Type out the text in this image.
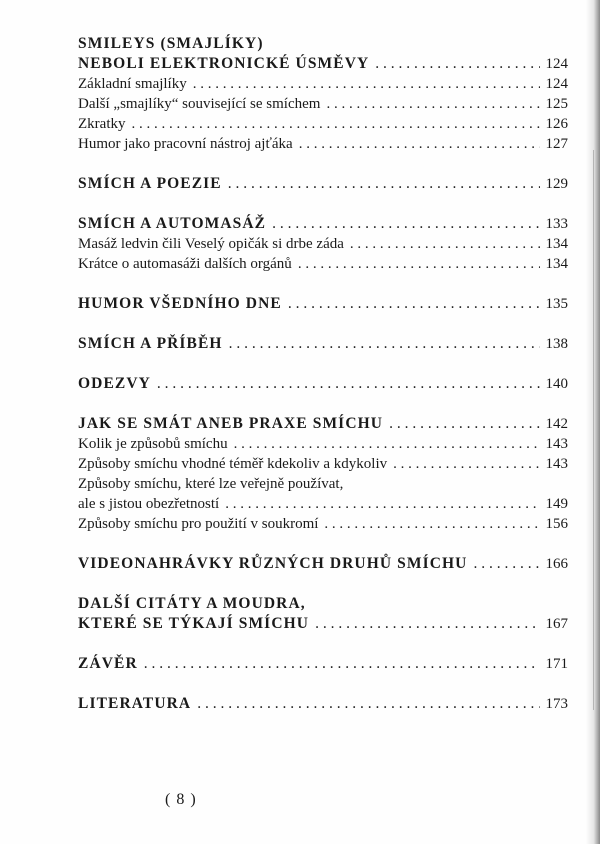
SMILEYS (SMAJLÍKY)
NEBOLI ELEKTRONICKÉ ÚSMĚVY . . .	124
Základní smajlíky . . .	124
Další „smajlíky“ související se smíchem . . .	125
Zkratky . . .	126
Humor jako pracovní nástroj ajťáka . . .	127
SMÍCH A POEZIE . . .	129
SMÍCH A AUTOMASÁŽ . . .	133
Masáž ledvin čili Veselý opičák si drbe záda . . .	134
Krátce o automasáži dalších orgánů . . .	134
HUMOR VŠEDNÍHO DNE . . .	135
SMÍCH A PŘÍBĚH . . .	138
ODEZVY . . .	140
JAK SE SMÁT ANEB PRAXE SMÍCHU . . .	142
Kolik je způsobů smíchu . . .	143
Způsoby smíchu vhodné téměř kdekoliv a kdykoliv . . .	143
Způsoby smíchu, které lze veřejně používat,
ale s jistou obezřetností . . .	149
Způsoby smíchu pro použití v soukromí . . .	156
VIDEONAHRÁVKY RŮZNÝCH DRUHŮ SMÍCHU . . .	166
DALŠÍ CITÁTY A MOUDRA,
KTERÉ SE TÝKAJÍ SMÍCHU . . .	167
ZÁVĚR . . .	171
LITERATURA . . .	173
( 8 )
